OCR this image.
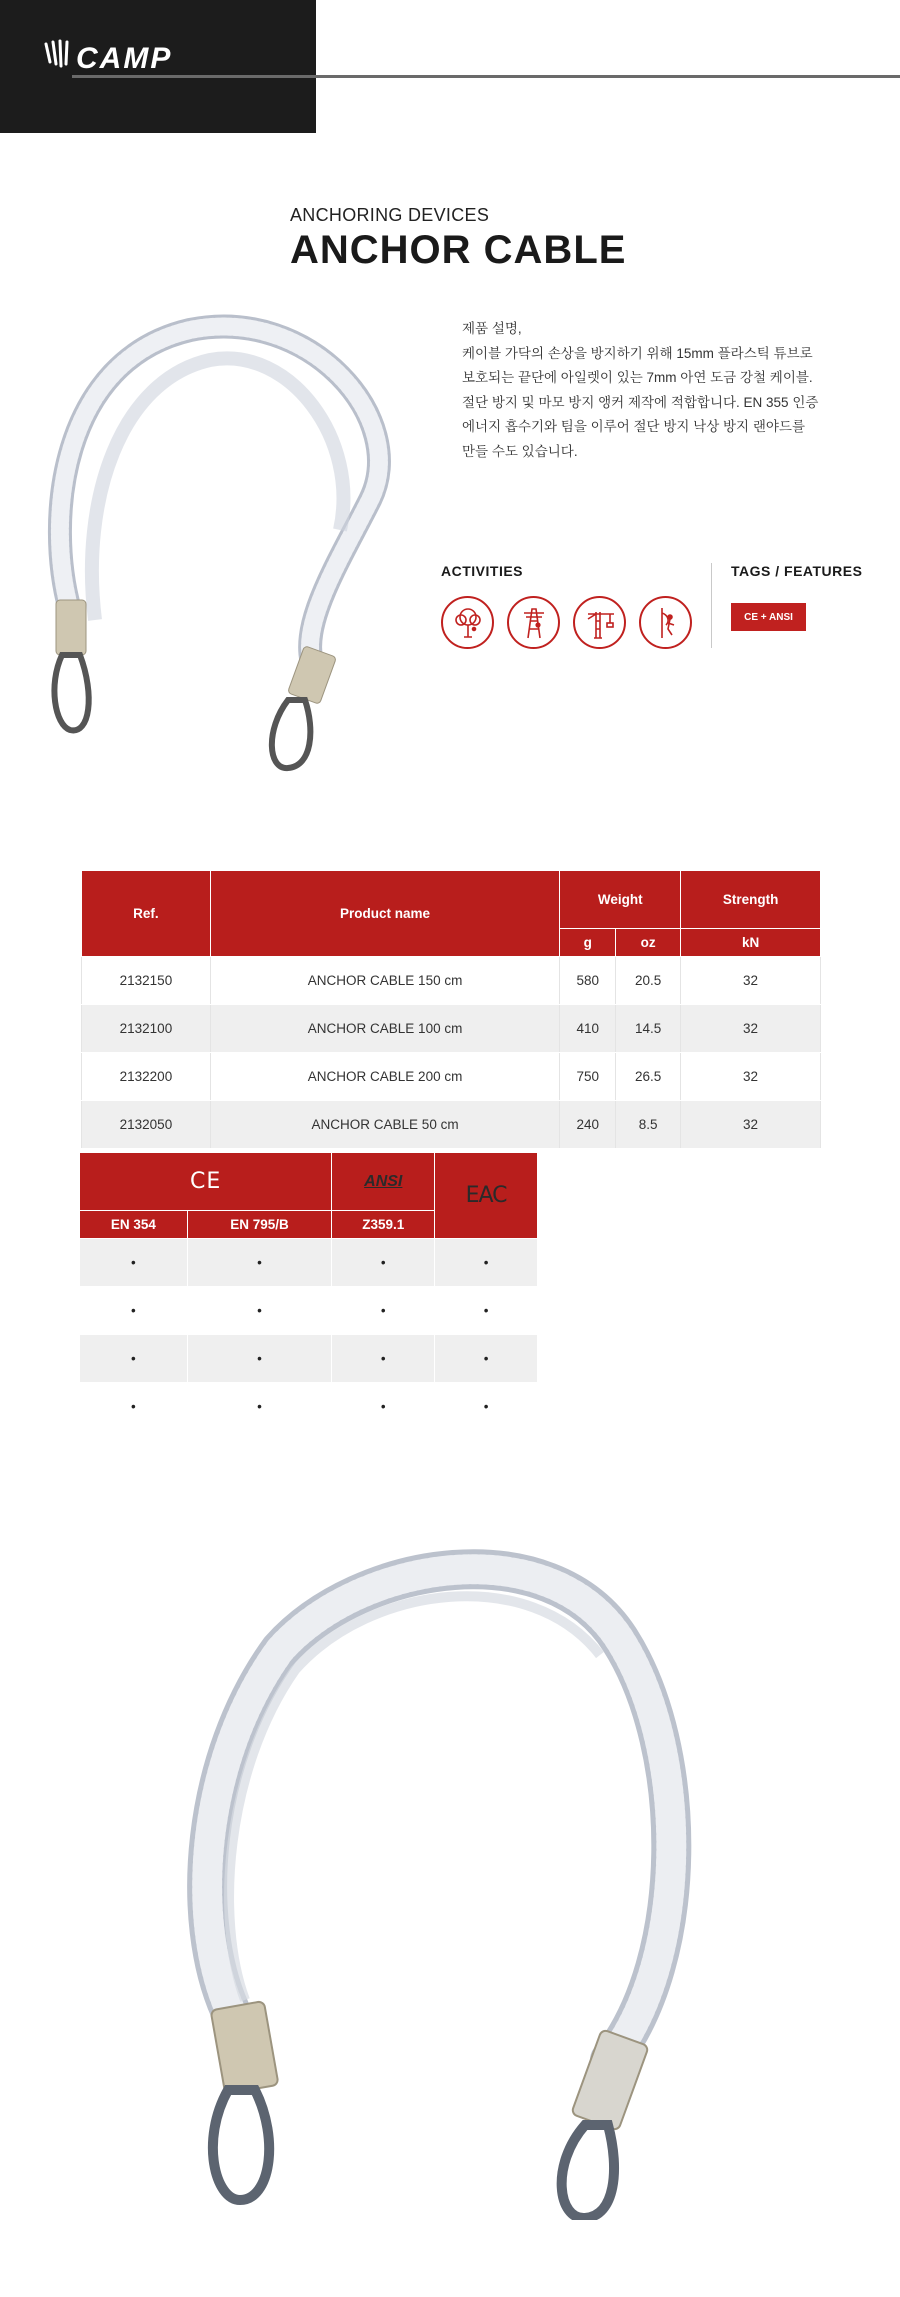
CAMP
ANCHORING DEVICES
ANCHOR CABLE

제품 설명,

케이블 가닥의 손상을 방지하기 위해 15mm 플라스틱 튜브로

보호되는 끝단에 아일렛이 있는 7mm 아연 도금 강철 케이블.

절단 방지 및 마모 방지 앵커 제작에 적합합니다. EN 355 인증

에너지 흡수기와 팀을 이루어 절단 방지 낙상 방지 랜야드를

만들 수도 있습니다.

ACTIVITIES	TAGS / FEATURES
CE + ANSI
Ref.	Product name	Weight		Strength
		g	oz	kN
2132150	ANCHOR CABLE 150 cm	580	20.5	32
2132100	ANCHOR CABLE 100 cm	410	14.5	32
2132200	ANCHOR CABLE 200 cm	750	26.5	32
2132050	ANCHOR CABLE 50 cm	240	8.5	32
CE		ANSI	EAC
EN 354	EN 795/B	Z359.1	
•	•	•	•
•	•	•	•
•	•	•	•
•	•	•	•
